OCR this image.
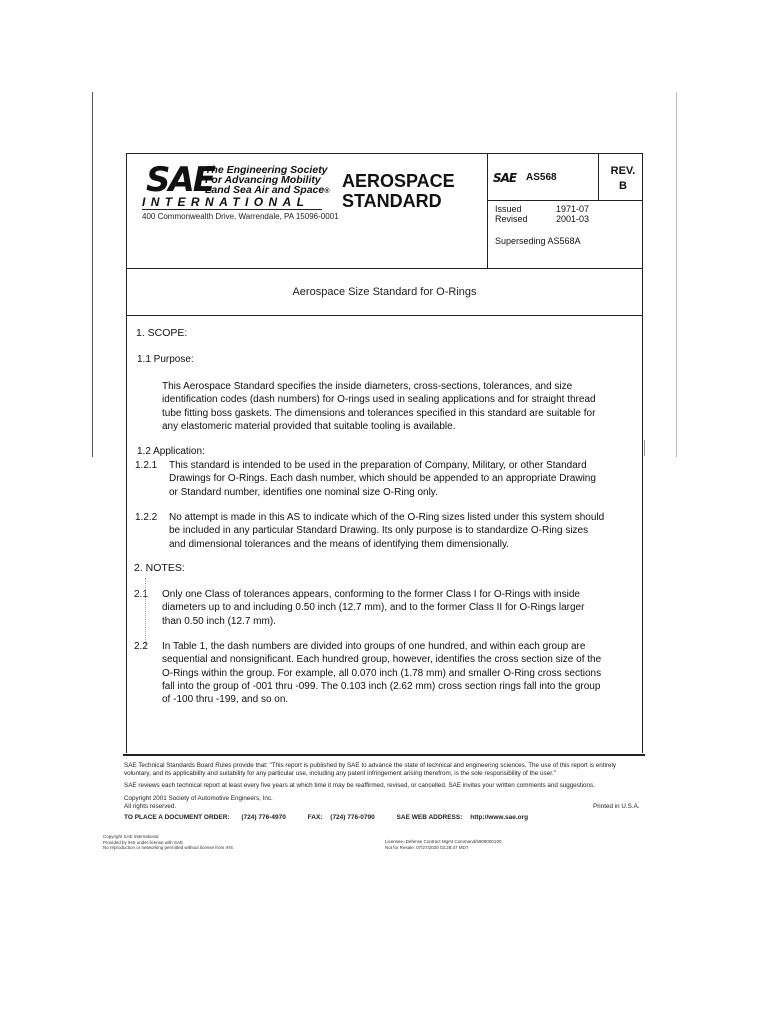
SAE
The Engineering Society
For Advancing Mobility
Land Sea Air and Space®
INTERNATIONAL
400 Commonwealth Drive, Warrendale, PA 15096-0001
AEROSPACE
STANDARD
SAE AS568
REV.
B
Issued	1971-07
Revised	2001-03
Superseding AS568A
Aerospace Size Standard for O-Rings
1. SCOPE:
1.1 Purpose:
This Aerospace Standard specifies the inside diameters, cross-sections, tolerances, and size
identification codes (dash numbers) for O-rings used in sealing applications and for straight thread
tube fitting boss gaskets. The dimensions and tolerances specified in this standard are suitable for
any elastomeric material provided that suitable tooling is available.
1.2 Application:
1.2.1 This standard is intended to be used in the preparation of Company, Military, or other Standard
Drawings for O-Rings. Each dash number, which should be appended to an appropriate Drawing
or Standard number, identifies one nominal size O-Ring only.
1.2.2 No attempt is made in this AS to indicate which of the O-Ring sizes listed under this system should
be included in any particular Standard Drawing. Its only purpose is to standardize O-Ring sizes
and dimensional tolerances and the means of identifying them dimensionally.
2. NOTES:
2.1 Only one Class of tolerances appears, conforming to the former Class I for O-Rings with inside
diameters up to and including 0.50 inch (12.7 mm), and to the former Class II for O-Rings larger
than 0.50 inch (12.7 mm).
2.2 In Table 1, the dash numbers are divided into groups of one hundred, and within each group are
sequential and nonsignificant. Each hundred group, however, identifies the cross section size of the
O-Rings within the group. For example, all 0.070 inch (1.78 mm) and smaller O-Ring cross sections
fall into the group of -001 thru -099. The 0.103 inch (2.62 mm) cross section rings fall into the group
of -100 thru -199, and so on.
SAE Technical Standards Board Rules provide that: "This report is published by SAE to advance the state of technical and engineering sciences. The use of this report is entirely
voluntary, and its applicability and suitability for any particular use, including any patent infringement arising therefrom, is the sole responsibility of the user."
SAE reviews each technical report at least every five years at which time it may be reaffirmed, revised, or cancelled. SAE invites your written comments and suggestions.
Copyright 2001 Society of Automotive Engineers, Inc.
All rights reserved.	Printed in U.S.A.
TO PLACE A DOCUMENT ORDER: (724) 776-4970	FAX: (724) 776-0790	SAE WEB ADDRESS: http://www.sae.org
Copyright SAE International
Provided by IHS under license with SAE
No reproduction or networking permitted without license from IHS
Licensee=Defense Contract Mgmt Command/5908000100
Not for Resale, 07/27/2020 03:28:47 MDT
